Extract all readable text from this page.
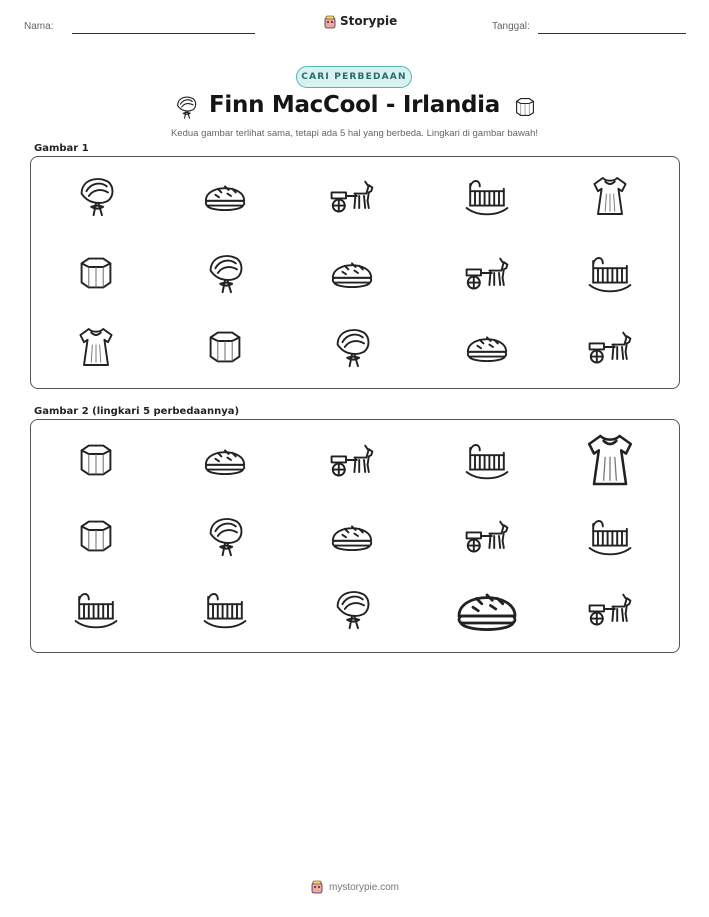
Nama:	Storypie	Tanggal:
CARI PERBEDAAN
Finn MacCool - Irlandia
Kedua gambar terlihat sama, tetapi ada 5 hal yang berbeda. Lingkari di gambar bawah!
Gambar 1
Gambar 2 (lingkari 5 perbedaannya)
mystorypie.com
